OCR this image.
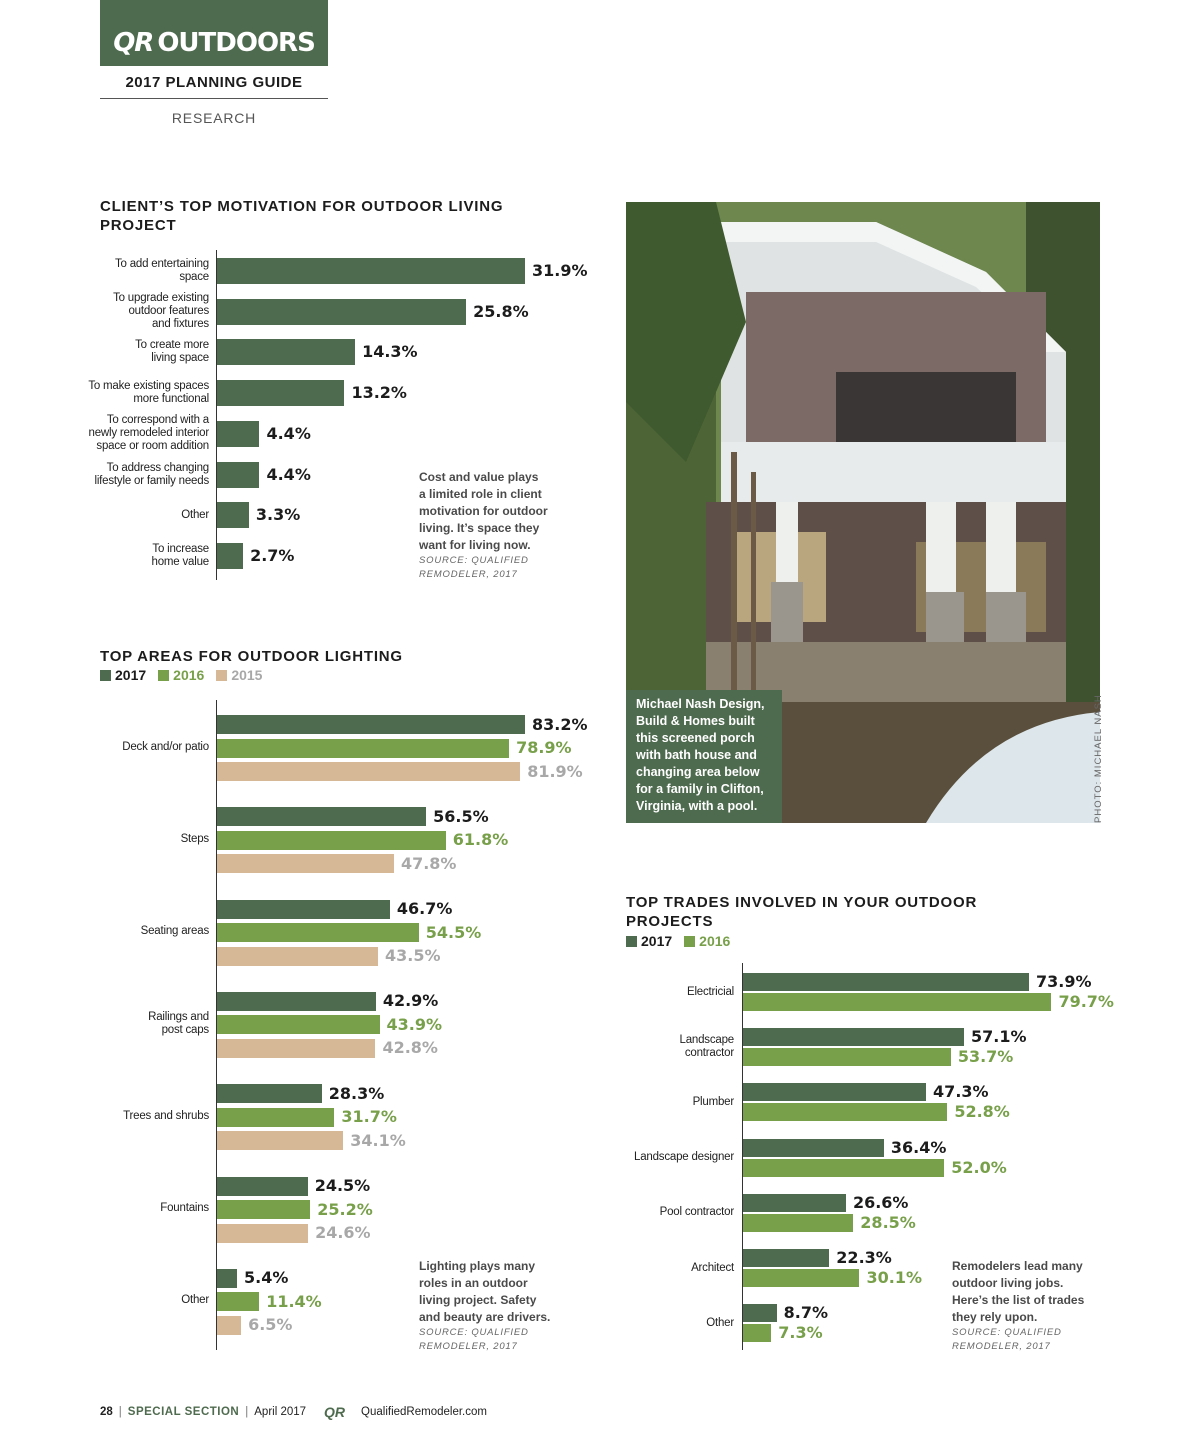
QR OUTDOORS
2017 PLANNING GUIDE
RESEARCH
CLIENT’S TOP MOTIVATION FOR OUTDOOR LIVING PROJECT
31.9%
To add entertaining
space
25.8%
To upgrade existing
outdoor features
and fixtures
14.3%
To create more
living space
13.2%
To make existing spaces
more functional
4.4%
To correspond with a
newly remodeled interior
space or room addition
4.4%
To address changing
lifestyle or family needs
3.3%
Other
2.7%
To increase
home value
Cost and value plays
a limited role in client
motivation for outdoor
living. It’s space they
want for living now.
SOURCE: QUALIFIED
REMODELER, 2017
TOP AREAS FOR OUTDOOR LIGHTING
2017 2016 2015
83.2%
78.9%
81.9%
Deck and/or patio
56.5%
61.8%
47.8%
Steps
46.7%
54.5%
43.5%
Seating areas
42.9%
43.9%
42.8%
Railings and
post caps
28.3%
31.7%
34.1%
Trees and shrubs
24.5%
25.2%
24.6%
Fountains
5.4%
11.4%
6.5%
Other
Lighting plays many
roles in an outdoor
living project. Safety
and beauty are drivers.
SOURCE: QUALIFIED
REMODELER, 2017
Michael Nash Design,
Build & Homes built
this screened porch
with bath house and
changing area below
for a family in Clifton,
Virginia, with a pool.	PHOTO: MICHAEL NASH
TOP TRADES INVOLVED IN YOUR OUTDOOR PROJECTS
2017 2016
73.9%
79.7%
Electricial
57.1%
53.7%
Landscape
contractor
47.3%
52.8%
Plumber
36.4%
52.0%
Landscape designer
26.6%
28.5%
Pool contractor
22.3%
30.1%
Architect
8.7%
7.3%
Other
Remodelers lead many
outdoor living jobs.
Here’s the list of trades
they rely upon.
SOURCE: QUALIFIED
REMODELER, 2017
28 | SPECIAL SECTION | April 2017 QR QualifiedRemodeler.com
